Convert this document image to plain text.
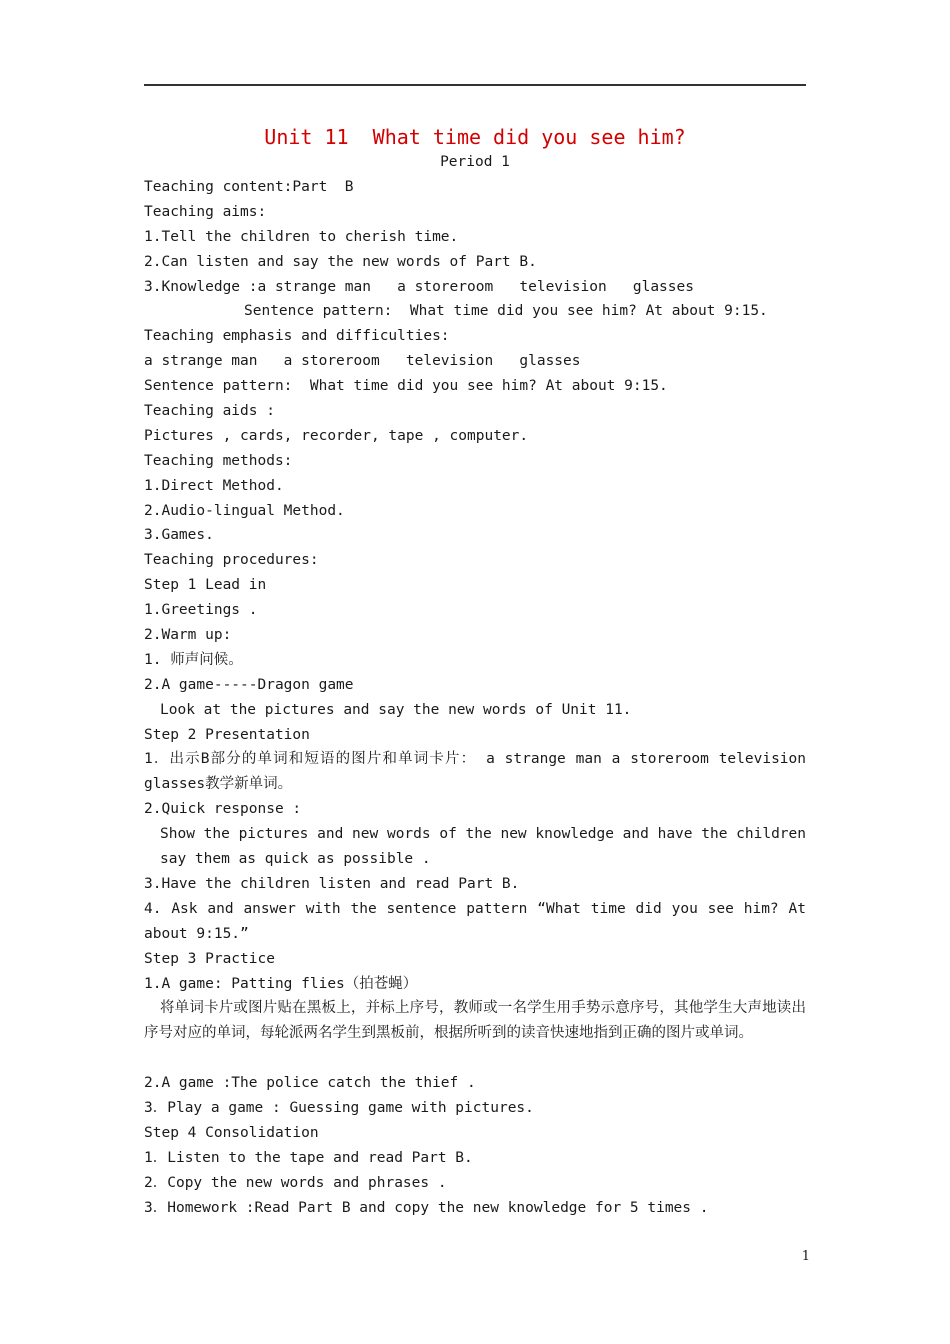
Unit 11  What time did you see him?
Period 1
Teaching content:Part  B
Teaching aims:
1.Tell the children to cherish time.
2.Can listen and say the new words of Part B.
3.Knowledge :a strange man   a storeroom   television   glasses
Sentence pattern:  What time did you see him? At about 9:15.
Teaching emphasis and difficulties:
a strange man   a storeroom   television   glasses
Sentence pattern:  What time did you see him? At about 9:15.
Teaching aids :
Pictures , cards, recorder, tape , computer.
Teaching methods:
1.Direct Method.
2.Audio-lingual Method.
3.Games.
Teaching procedures:
Step 1 Lead in
1.Greetings .
2.Warm up:
1. 师声问候。
2.A game-----Dragon game
Look at the pictures and say the new words of Unit 11.
Step 2 Presentation
1．出示B部分的单词和短语的图片和单词卡片： a strange man a storeroom television glasses教学新单词。
2.Quick response :
Show the pictures and new words of the new knowledge and have the children say them as quick as possible .
3.Have the children listen and read Part B.
4. Ask and answer with the sentence pattern “What time did you see him? At about 9:15.”
Step 3 Practice
1.A game: Patting flies（拍苍蝇）
将单词卡片或图片贴在黑板上，并标上序号，教师或一名学生用手势示意序号，其他学生大声地读出序号对应的单词，每轮派两名学生到黑板前，根据所听到的读音快速地指到正确的图片或单词。
2.A game :The police catch the thief .
3．Play a game : Guessing game with pictures.
Step 4 Consolidation
1．Listen to the tape and read Part B.
2．Copy the new words and phrases .
3．Homework :Read Part B and copy the new knowledge for 5 times .
1
